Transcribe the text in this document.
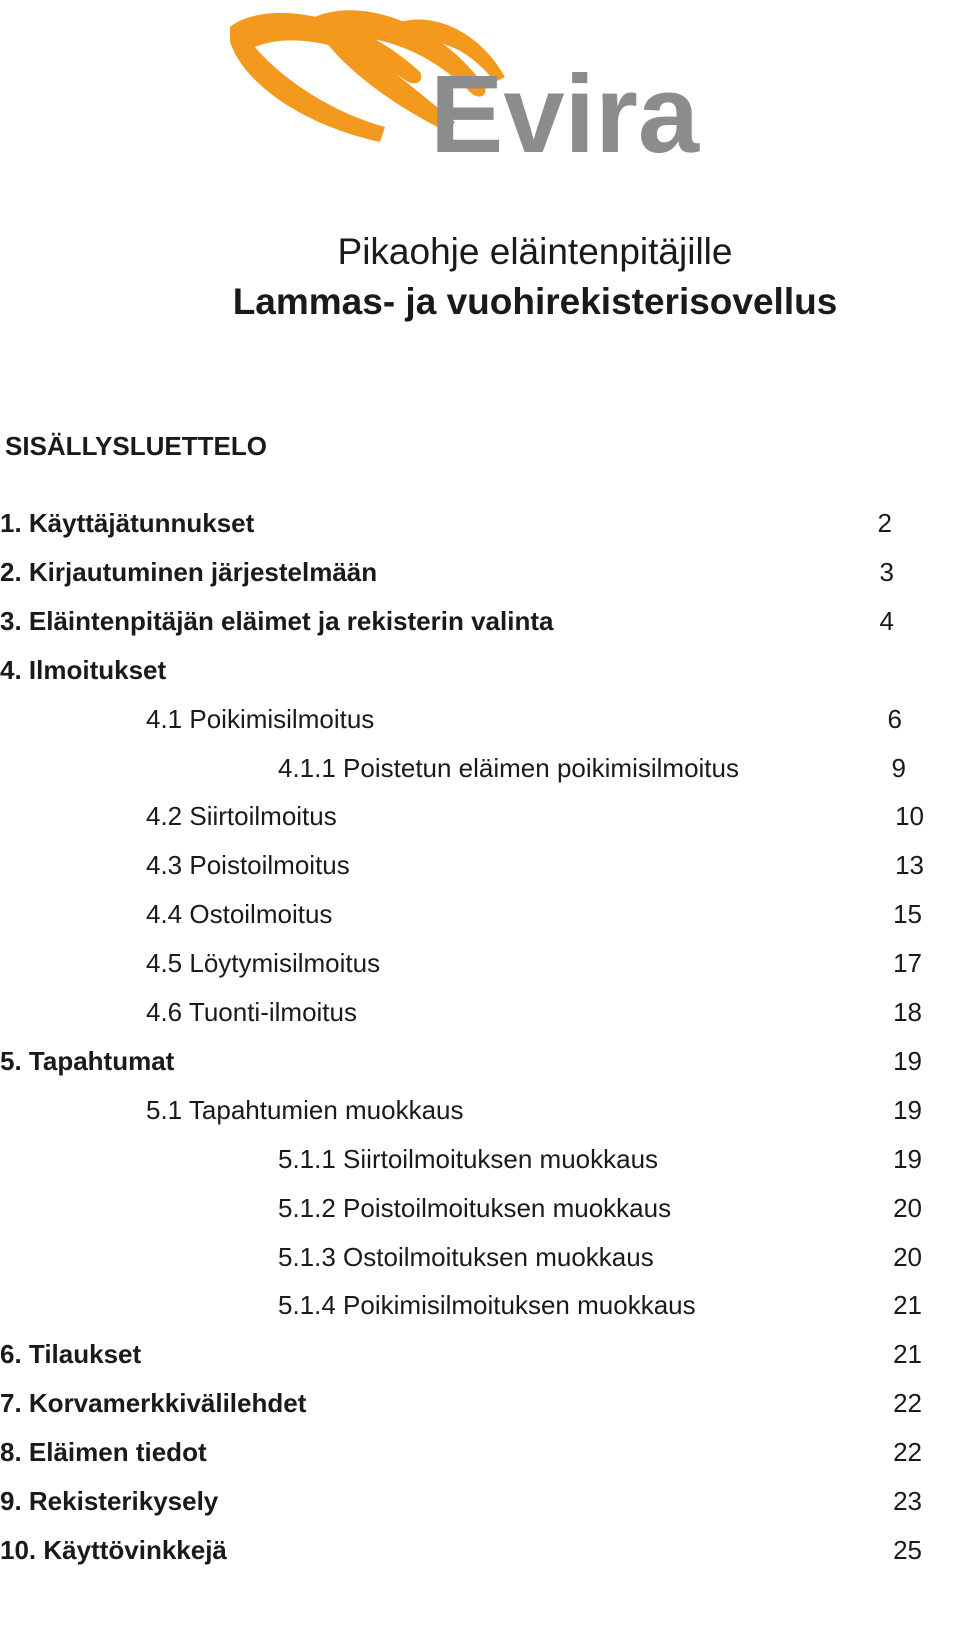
Evira
Pikaohje eläintenpitäjille
Lammas- ja vuohirekisterisovellus
SISÄLLYSLUETTELO
1. Käyttäjätunnukset	2
2. Kirjautuminen järjestelmään	3
3. Eläintenpitäjän eläimet ja rekisterin valinta	4
4. Ilmoitukset
4.1 Poikimisilmoitus	6
4.1.1 Poistetun eläimen poikimisilmoitus	9
4.2 Siirtoilmoitus	10
4.3 Poistoilmoitus	13
4.4 Ostoilmoitus	15
4.5 Löytymisilmoitus	17
4.6 Tuonti-ilmoitus	18
5. Tapahtumat	19
5.1 Tapahtumien muokkaus	19
5.1.1 Siirtoilmoituksen muokkaus	19
5.1.2 Poistoilmoituksen muokkaus	20
5.1.3 Ostoilmoituksen muokkaus	20
5.1.4 Poikimisilmoituksen muokkaus	21
6. Tilaukset	21
7. Korvamerkkivälilehdet	22
8. Eläimen tiedot	22
9. Rekisterikysely	23
10. Käyttövinkkejä	25
